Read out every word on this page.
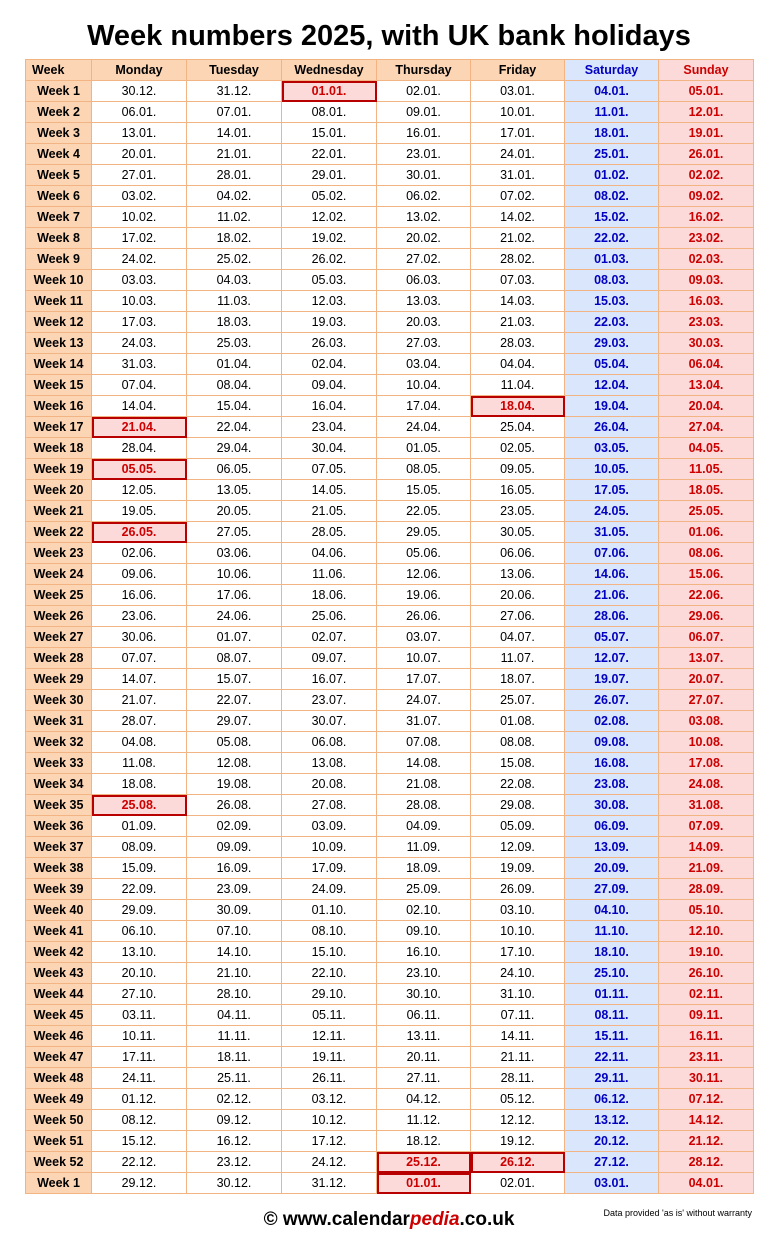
Week numbers 2025, with UK bank holidays
Week	Monday	Tuesday	Wednesday	Thursday	Friday	Saturday	Sunday
Week 1	30.12.	31.12.	01.01.	02.01.	03.01.	04.01.	05.01.
Week 2	06.01.	07.01.	08.01.	09.01.	10.01.	11.01.	12.01.
Week 3	13.01.	14.01.	15.01.	16.01.	17.01.	18.01.	19.01.
Week 4	20.01.	21.01.	22.01.	23.01.	24.01.	25.01.	26.01.
Week 5	27.01.	28.01.	29.01.	30.01.	31.01.	01.02.	02.02.
Week 6	03.02.	04.02.	05.02.	06.02.	07.02.	08.02.	09.02.
Week 7	10.02.	11.02.	12.02.	13.02.	14.02.	15.02.	16.02.
Week 8	17.02.	18.02.	19.02.	20.02.	21.02.	22.02.	23.02.
Week 9	24.02.	25.02.	26.02.	27.02.	28.02.	01.03.	02.03.
Week 10	03.03.	04.03.	05.03.	06.03.	07.03.	08.03.	09.03.
Week 11	10.03.	11.03.	12.03.	13.03.	14.03.	15.03.	16.03.
Week 12	17.03.	18.03.	19.03.	20.03.	21.03.	22.03.	23.03.
Week 13	24.03.	25.03.	26.03.	27.03.	28.03.	29.03.	30.03.
Week 14	31.03.	01.04.	02.04.	03.04.	04.04.	05.04.	06.04.
Week 15	07.04.	08.04.	09.04.	10.04.	11.04.	12.04.	13.04.
Week 16	14.04.	15.04.	16.04.	17.04.	18.04.	19.04.	20.04.
Week 17	21.04.	22.04.	23.04.	24.04.	25.04.	26.04.	27.04.
Week 18	28.04.	29.04.	30.04.	01.05.	02.05.	03.05.	04.05.
Week 19	05.05.	06.05.	07.05.	08.05.	09.05.	10.05.	11.05.
Week 20	12.05.	13.05.	14.05.	15.05.	16.05.	17.05.	18.05.
Week 21	19.05.	20.05.	21.05.	22.05.	23.05.	24.05.	25.05.
Week 22	26.05.	27.05.	28.05.	29.05.	30.05.	31.05.	01.06.
Week 23	02.06.	03.06.	04.06.	05.06.	06.06.	07.06.	08.06.
Week 24	09.06.	10.06.	11.06.	12.06.	13.06.	14.06.	15.06.
Week 25	16.06.	17.06.	18.06.	19.06.	20.06.	21.06.	22.06.
Week 26	23.06.	24.06.	25.06.	26.06.	27.06.	28.06.	29.06.
Week 27	30.06.	01.07.	02.07.	03.07.	04.07.	05.07.	06.07.
Week 28	07.07.	08.07.	09.07.	10.07.	11.07.	12.07.	13.07.
Week 29	14.07.	15.07.	16.07.	17.07.	18.07.	19.07.	20.07.
Week 30	21.07.	22.07.	23.07.	24.07.	25.07.	26.07.	27.07.
Week 31	28.07.	29.07.	30.07.	31.07.	01.08.	02.08.	03.08.
Week 32	04.08.	05.08.	06.08.	07.08.	08.08.	09.08.	10.08.
Week 33	11.08.	12.08.	13.08.	14.08.	15.08.	16.08.	17.08.
Week 34	18.08.	19.08.	20.08.	21.08.	22.08.	23.08.	24.08.
Week 35	25.08.	26.08.	27.08.	28.08.	29.08.	30.08.	31.08.
Week 36	01.09.	02.09.	03.09.	04.09.	05.09.	06.09.	07.09.
Week 37	08.09.	09.09.	10.09.	11.09.	12.09.	13.09.	14.09.
Week 38	15.09.	16.09.	17.09.	18.09.	19.09.	20.09.	21.09.
Week 39	22.09.	23.09.	24.09.	25.09.	26.09.	27.09.	28.09.
Week 40	29.09.	30.09.	01.10.	02.10.	03.10.	04.10.	05.10.
Week 41	06.10.	07.10.	08.10.	09.10.	10.10.	11.10.	12.10.
Week 42	13.10.	14.10.	15.10.	16.10.	17.10.	18.10.	19.10.
Week 43	20.10.	21.10.	22.10.	23.10.	24.10.	25.10.	26.10.
Week 44	27.10.	28.10.	29.10.	30.10.	31.10.	01.11.	02.11.
Week 45	03.11.	04.11.	05.11.	06.11.	07.11.	08.11.	09.11.
Week 46	10.11.	11.11.	12.11.	13.11.	14.11.	15.11.	16.11.
Week 47	17.11.	18.11.	19.11.	20.11.	21.11.	22.11.	23.11.
Week 48	24.11.	25.11.	26.11.	27.11.	28.11.	29.11.	30.11.
Week 49	01.12.	02.12.	03.12.	04.12.	05.12.	06.12.	07.12.
Week 50	08.12.	09.12.	10.12.	11.12.	12.12.	13.12.	14.12.
Week 51	15.12.	16.12.	17.12.	18.12.	19.12.	20.12.	21.12.
Week 52	22.12.	23.12.	24.12.	25.12.	26.12.	27.12.	28.12.
Week 1	29.12.	30.12.	31.12.	01.01.	02.01.	03.01.	04.01.
© www.calendarpedia.co.uk	Data provided 'as is' without warranty
